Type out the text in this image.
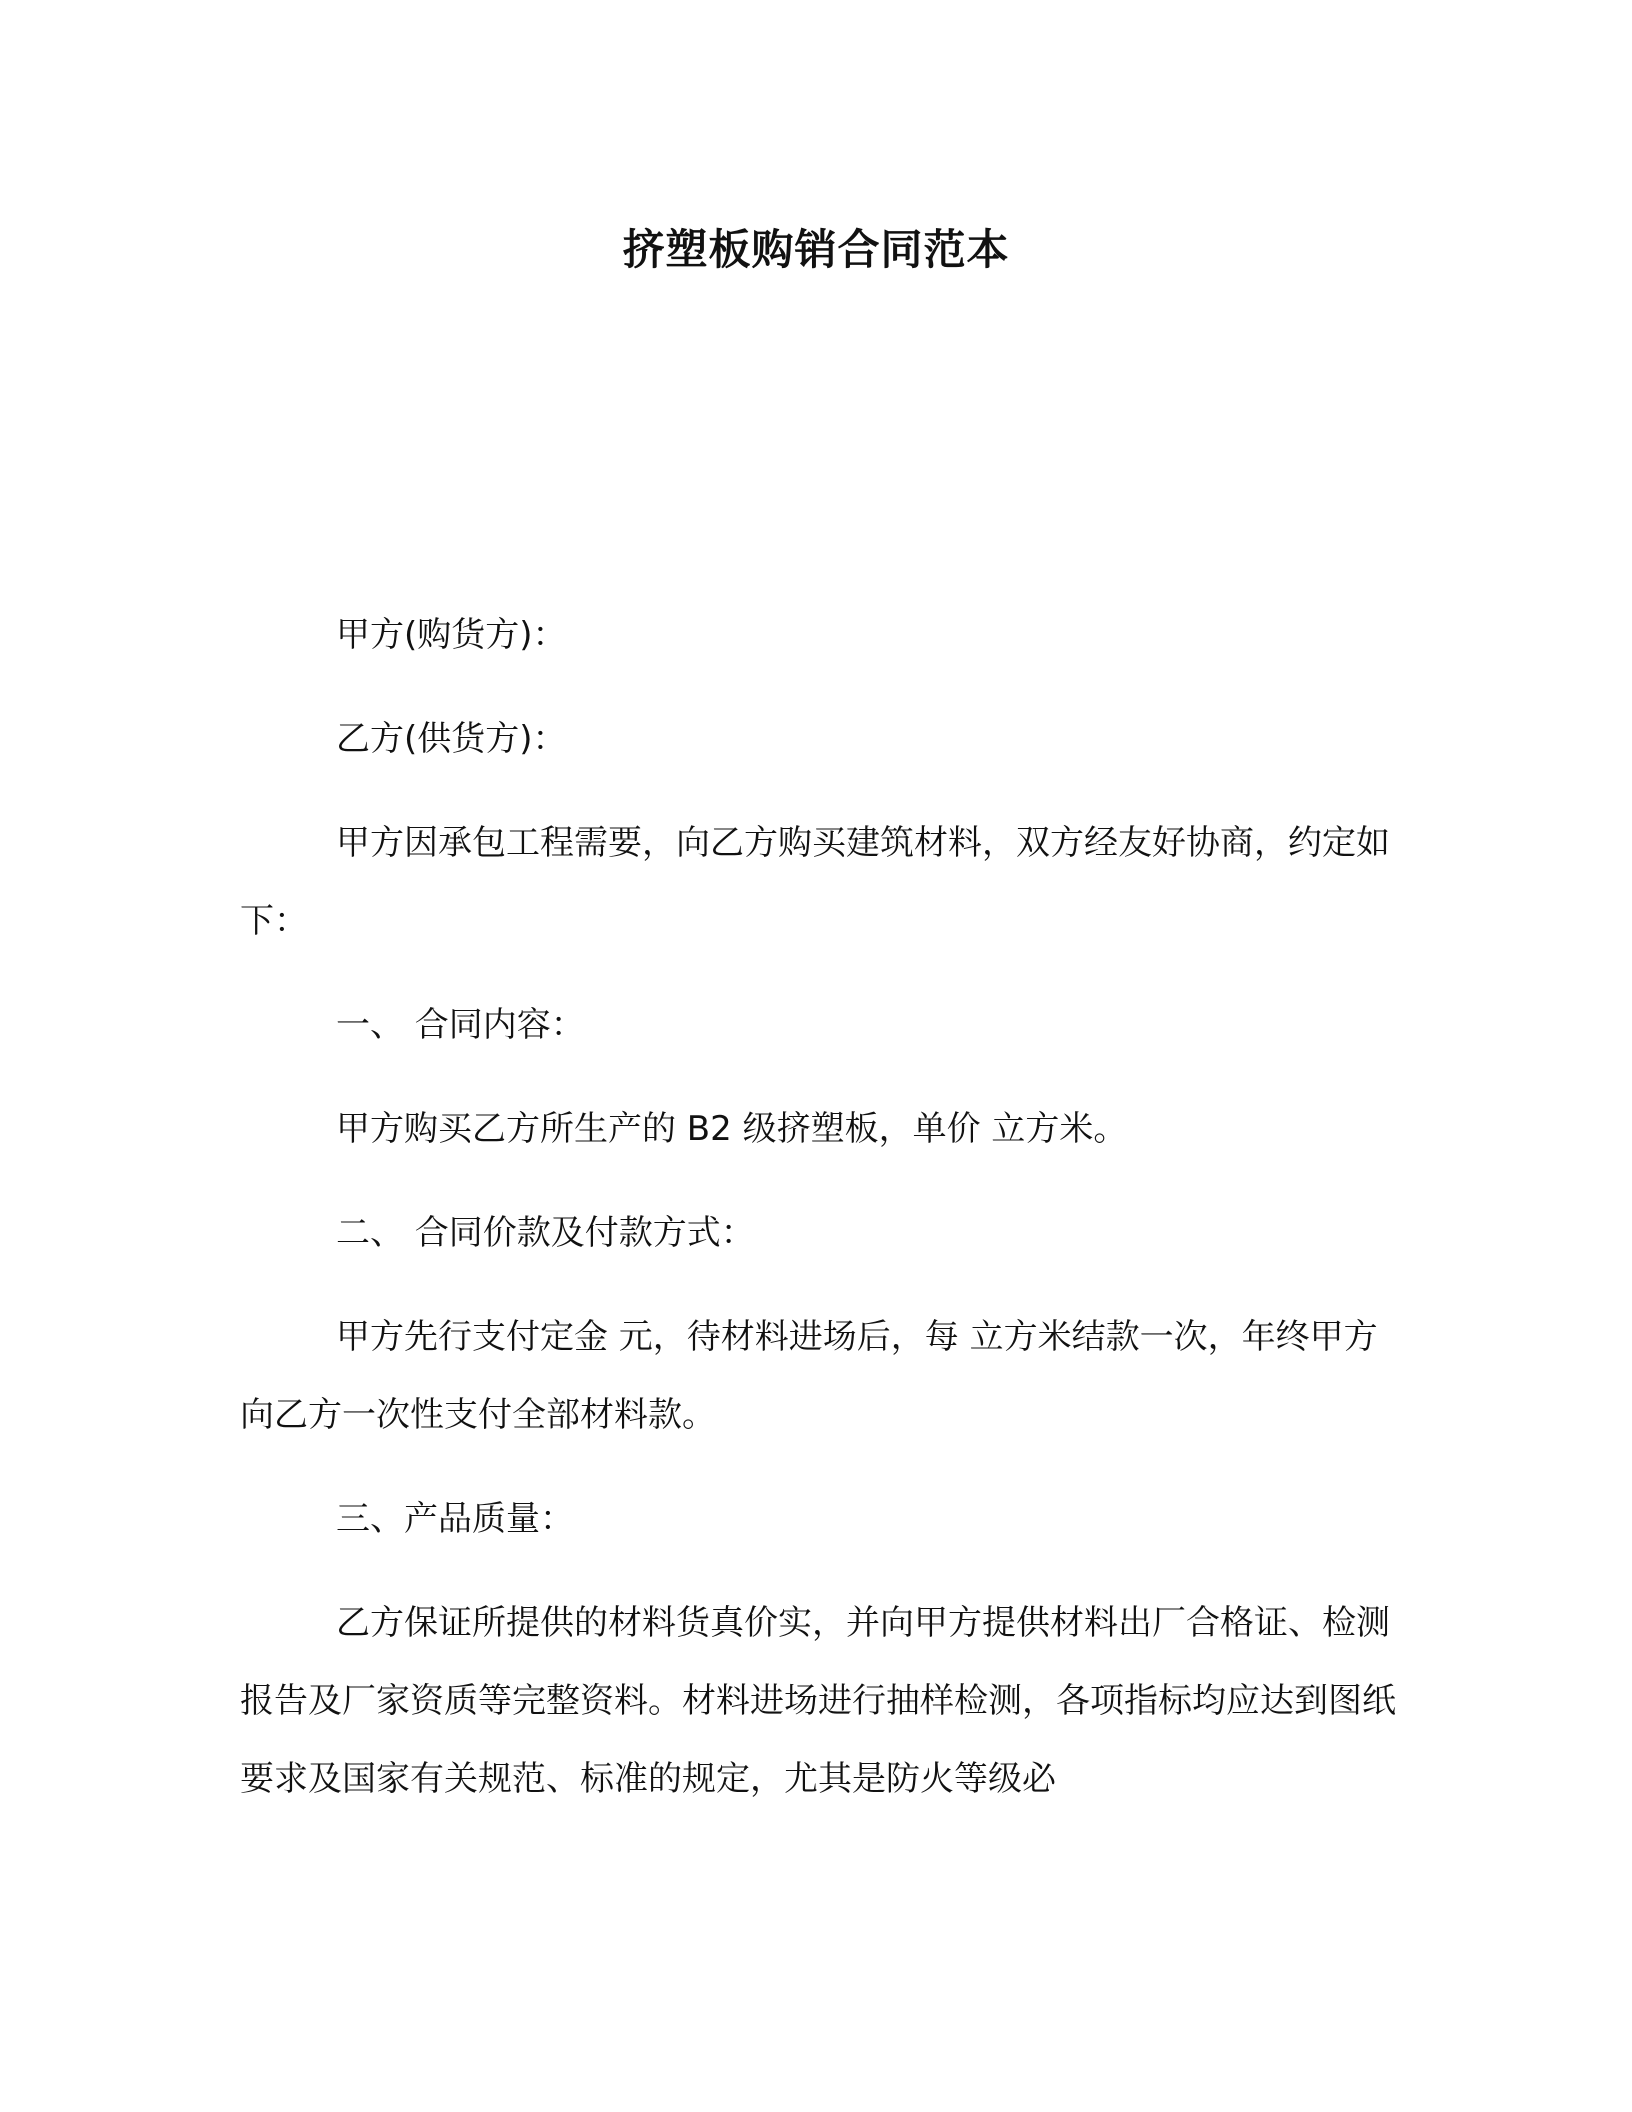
挤塑板购销合同范本

甲方(购货方)：

乙方(供货方)：

甲方因承包工程需要，向乙方购买建筑材料，双方经友好协商，约定如下：

一、 合同内容：

甲方购买乙方所生产的 B2 级挤塑板，单价 立方米。

二、 合同价款及付款方式：

甲方先行支付定金 元，待材料进场后，每 立方米结款一次，年终甲方向乙方一次性支付全部材料款。

三、产品质量：

乙方保证所提供的材料货真价实，并向甲方提供材料出厂合格证、检测报告及厂家资质等完整资料。材料进场进行抽样检测，各项指标均应达到图纸要求及国家有关规范、标准的规定，尤其是防火等级必
